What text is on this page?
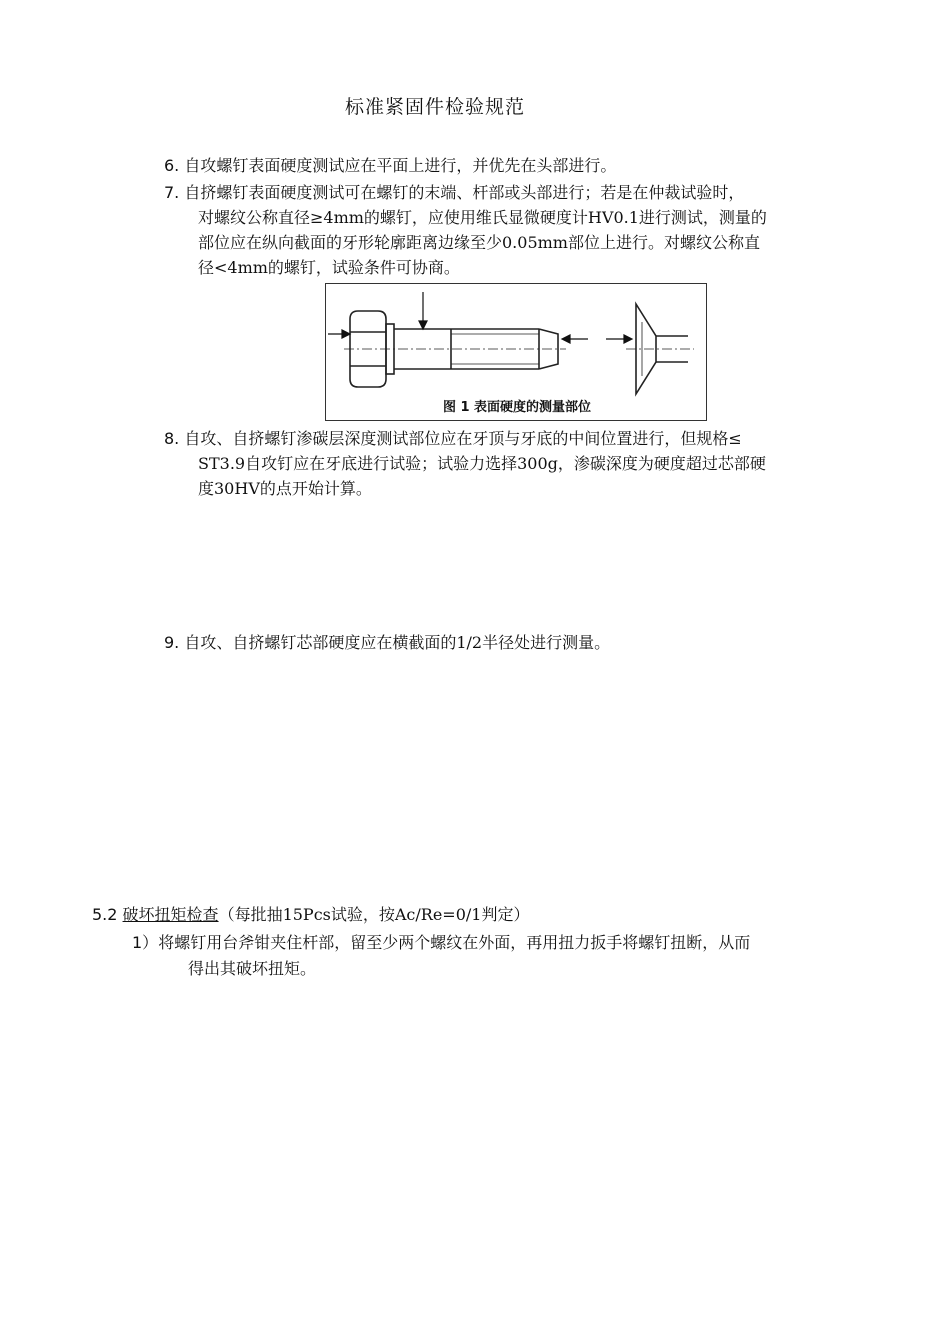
标准紧固件检验规范
6. 自攻螺钉表面硬度测试应在平面上进行，并优先在头部进行。
7. 自挤螺钉表面硬度测试可在螺钉的末端、杆部或头部进行；若是在仲裁试验时，
对螺纹公称直径≥4mm的螺钉，应使用维氏显微硬度计HV0.1进行测试，测量的
部位应在纵向截面的牙形轮廓距离边缘至少0.05mm部位上进行。对螺纹公称直
径<4mm的螺钉，试验条件可协商。
图 1 表面硬度的测量部位
8. 自攻、自挤螺钉渗碳层深度测试部位应在牙顶与牙底的中间位置进行，但规格≤
ST3.9自攻钉应在牙底进行试验；试验力选择300g，渗碳深度为硬度超过芯部硬
度30HV的点开始计算。
9. 自攻、自挤螺钉芯部硬度应在横截面的1/2半径处进行测量。
5.2 破坏扭矩检查（每批抽15Pcs试验，按Ac/Re=0/1判定）
1）将螺钉用台斧钳夹住杆部，留至少两个螺纹在外面，再用扭力扳手将螺钉扭断，从而
得出其破坏扭矩。
